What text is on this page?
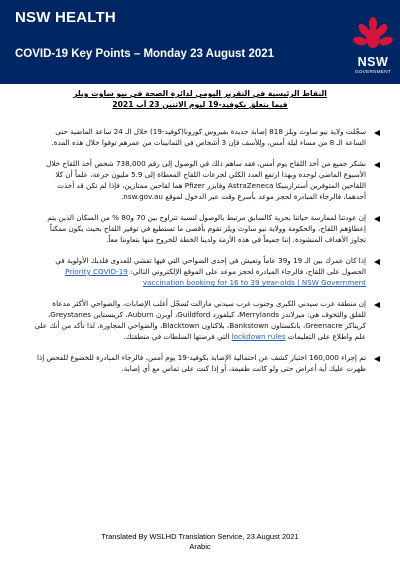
NSW HEALTH
COVID-19 Key Points – Monday 23 August 2021
NSW
GOVERNMENT
النقاط الرئيسية في التقرير اليومي لدائرة الصحة في نيو ساوث ويلز
فيما يتعلق بكوفيد-19 ليوم الاثنين 23 آب 2021
سجّلت ولاية نيو ساوث ويلز 818 إصابة جديدة بفيروس كورونا(كوفيد-19) خلال الـ 24 ساعة الماضية حتى الساعة الـ 8 من مساء ليلة أمس، ولِلأسف فإن 3 أشخاص في الثمانينات من عمرهم توفوا خلال هذه المدة.
نشكر جميع من أخذ اللقاح يوم أمس، فقد ساهم ذلك في الوصول إلى رقم 738,000 شخص أخذ اللقاح خلال الأسبوع الماضي لوحده وبهذا ارتفع العدد الكلي لجرعات اللقاح المعطاة إلى 5.9 مليون جرعة، علماً أن كلا اللقاحين المتوفرين أسترازينيكا AstraZeneca وفايزر Pfizer هما لقاحين ممتازين، فإذا لم تكن قد أخذت أحدهما، فالرجاء المبادرة لحجز موعد بأسرع وقت عبر الدخول لموقع nsw.gov.au.
إن عودتنا لممارسة حياتنا بحرية كالسابق مرتبط بالوصول لنسبة تتراوح بين 70 و80 % من السكان الذين يتم إعطاؤهم اللقاح، والحكومة وولاية نيو ساوث ويلز تقوم بأقصى ما تستطيع في توفير اللقاح بحيث يكون ممكناً تجاوز الأهداف المنشودة. إننا جميعاً في هذه الأزمة ولدينا الخطة للخروج منها بتعاوننا معاً.
إذا كان عمرك بين الـ 19 و39 عاماً وتعيش في إحدى الضواحي التي فيها تفشي للعدوى فلديك الأولوية في الحصول على اللقاح، فالرجاء المبادرة لحجز موعد على الموقع الإلكتروني التالي: Priority COVID-19 vaccination booking for 16 to 39 year-olds | NSW Government
إن منطقة غرب سيدني الكبرى وجنوب غرب سيدني مازالت تُسجّل أغلب الإصابات، والضواحي الأكثر مدعاة للقلق والتخوف هي: ميرلاندز Merrylands، كيلفورد Guildford، أوبرن Auburn، كرينستاين Greystanes، كريناكر Greenacre، بانكستاون Bankstown، بلاكتاون Blacktown، والضواحي المجاورة، لذا تأكد من أنك على علم واطلاع على التعليمات lockdown rules التي فرضتها السلطات في منطقتك.
تم إجراء 160,000 اختبار كشف عن احتمالية الإصابة بكوفيد-19 يوم أمس، فالرجاء المبادرة للخضوع للفحص إذا ظهرت عليك أية أعراض حتى ولو كانت طفيفة، أو إذا كنت على تماس مع أي إصابة.
Translated By WSLHD Translation Service, 23 August 2021
Arabic
